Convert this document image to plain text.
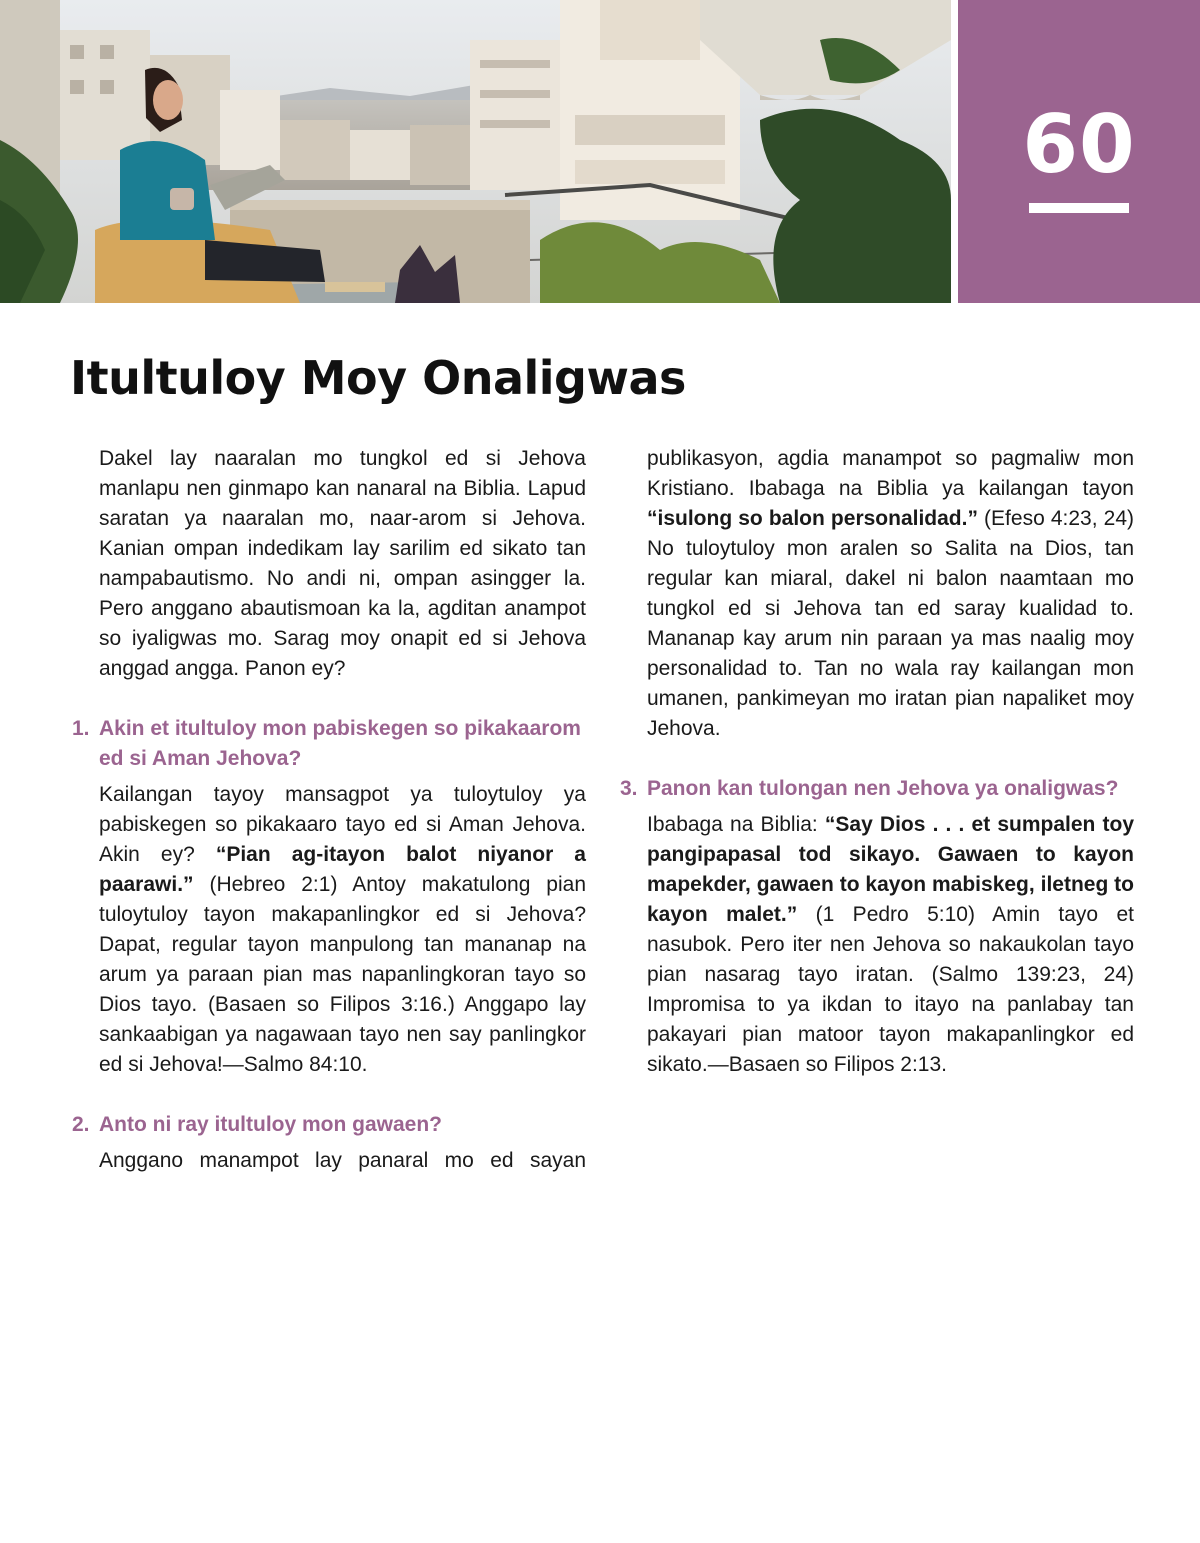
60
Itultuloy Moy Onaligwas

Dakel lay naaralan mo tungkol ed si Jehova manlapu nen ginmapo kan nanaral na Biblia. Lapud saratan ya naaralan mo, naar-arom si Jehova. Kanian ompan indedikam lay sarilim ed sikato tan nampabautismo. No andi ni, ompan asingger la. Pero anggano abautismoan ka la, agditan anampot so iyaligwas mo. Sarag moy onapit ed si Jehova anggad angga. Panon ey?

1. Akin et itultuloy mon pabiskegen so pikakaarom ed si Aman Jehova?

Kailangan tayoy mansagpot ya tuloytuloy ya pabiskegen so pikakaaro tayo ed si Aman Jehova. Akin ey? “Pian ag-itayon balot niyanor a paarawi.” (Hebreo 2:1) Antoy makatulong pian tuloytuloy tayon makapanlingkor ed si Jehova? Dapat, regular tayon manpulong tan mananap na arum ya paraan pian mas napanlingkoran tayo so Dios tayo. (Basaen so Filipos 3:16.) Anggapo lay sankaabigan ya nagawaan tayo nen say panlingkor ed si Jehova!—Salmo 84:10.

2. Anto ni ray itultuloy mon gawaen?

Anggano manampot lay panaral mo ed sayan

publikasyon, agdia manampot so pagmaliw mon Kristiano. Ibabaga na Biblia ya kailangan tayon “isulong so balon personalidad.” (Efeso 4:23, 24) No tuloytuloy mon aralen so Salita na Dios, tan regular kan miaral, dakel ni balon naamtaan mo tungkol ed si Jehova tan ed saray kualidad to. Mananap kay arum nin paraan ya mas naalig moy personalidad to. Tan no wala ray kailangan mon umanen, pankimeyan mo iratan pian napaliket moy Jehova.

3. Panon kan tulongan nen Jehova ya onaligwas?

Ibabaga na Biblia: “Say Dios . . . et sumpalen toy pangipapasal tod sikayo. Gawaen to kayon mapekder, gawaen to kayon mabiskeg, iletneg to kayon malet.” (1 Pedro 5:10) Amin tayo et nasubok. Pero iter nen Jehova so nakaukolan tayo pian nasarag tayo iratan. (Salmo 139:23, 24) Impromisa to ya ikdan to itayo na panlabay tan pakayari pian matoor tayon makapanlingkor ed sikato.—Basaen so Filipos 2:13.
